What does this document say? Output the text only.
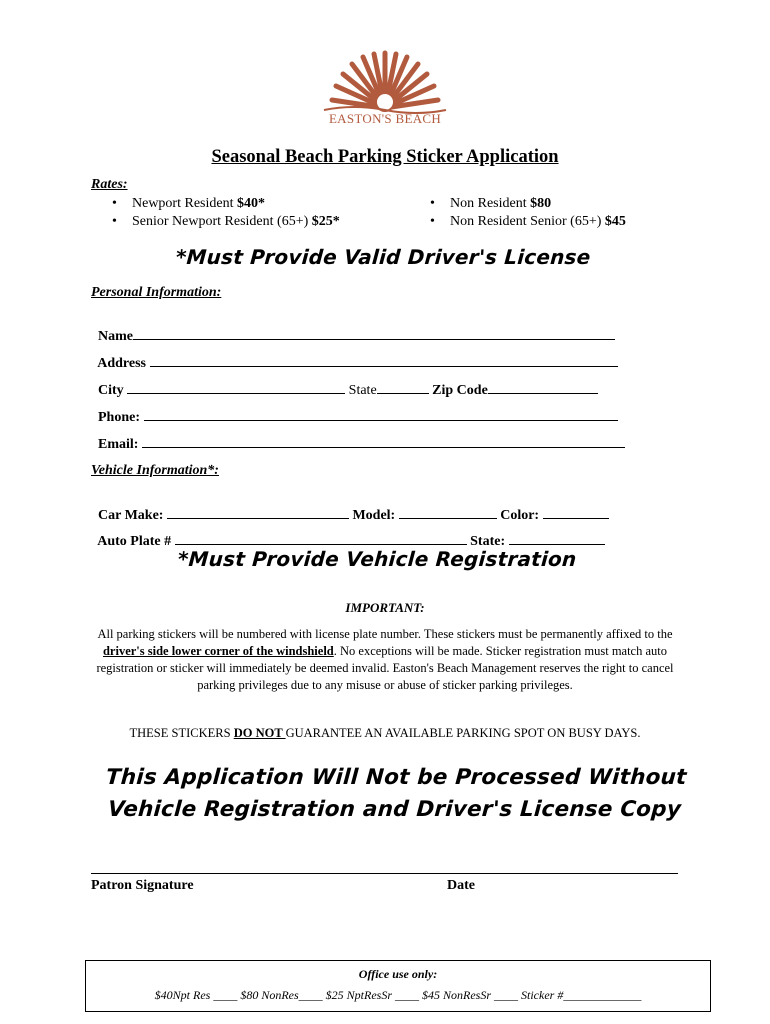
EASTON'S BEACH
Seasonal Beach Parking Sticker Application
Rates:
• Newport Resident $40*
• Senior Newport Resident (65+) $25*
• Non Resident $80
• Non Resident Senior (65+) $45
*Must Provide Valid Driver's License
Personal Information:

Name

Address

City	State	Zip Code

Phone:

Email:

Vehicle Information*:

Car Make:	Model:	Color:

Auto Plate #	State:

*Must Provide Vehicle Registration
IMPORTANT:
All parking stickers will be numbered with license plate number. These stickers must be permanently affixed to the driver's side lower corner of the windshield. No exceptions will be made. Sticker registration must match auto registration or sticker will immediately be deemed invalid. Easton's Beach Management reserves the right to cancel parking privileges due to any misuse or abuse of sticker parking privileges.
THESE STICKERS DO NOT GUARANTEE AN AVAILABLE PARKING SPOT ON BUSY DAYS.
This Application Will Not be Processed Without
Vehicle Registration and Driver's License Copy
Patron Signature	Date
Office use only:
$40Npt Res ____ $80 NonRes____ $25 NptResSr ____ $45 NonResSr ____ Sticker #_____________
